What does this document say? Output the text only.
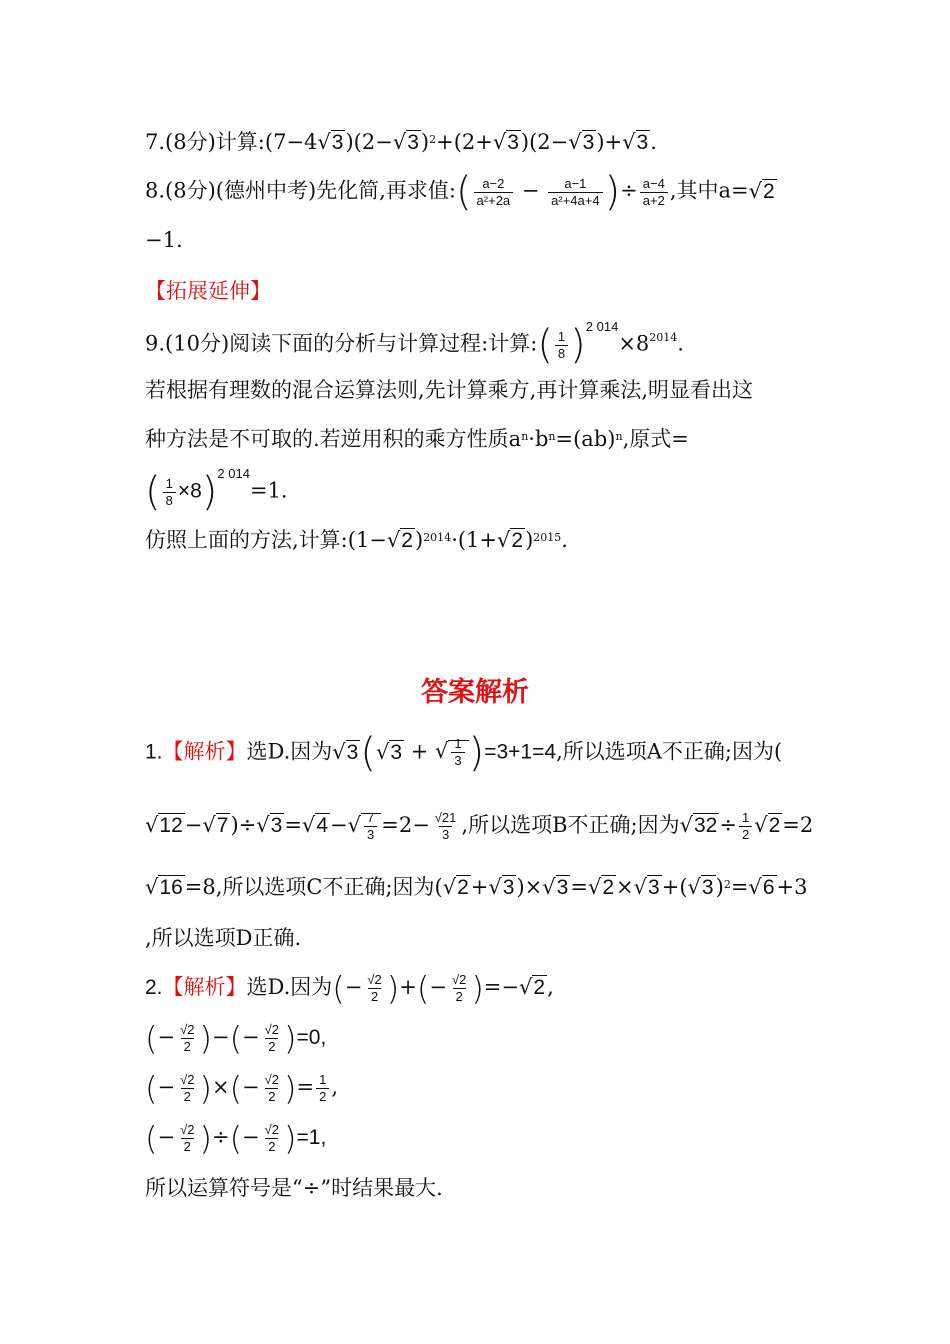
7.(8分)计算$:(7-4√3)(2-√3)^2+(2+√3)(2-√3)+√3$.
8.(8分)(德州中考)先化简,再求值:( $\frac{a-2}{\text{a²+2a}} - \frac{a-1}{\text{a²+4a+4}}$ )÷ $\frac{a-4}{a+2}$ ,其中a=√2
−1.
【拓展延伸】
9.(10分)阅读下面的分析与计算过程:计算:( $\frac{1}{8} )^{2 014}\times 8^{2014}$.
若根据有理数的混合运算法则,先计算乘方,再计算乘法,明显看出这
种方法是不可取的.若逆用积的乘方性质$a^n\cdot b^n=(ab)^n$,原式=
( $\frac{1}{8} \times 8)^{2 014}=1$.
仿照上面的方法,计算$:(1-√2)^{2014}\cdot(1+√2)^{2015}$.
答案解析
1.【解析】选D.因为√3(√3 + √ $\frac{1}{3} )=3+1=4$,所以选项A不正确;因为(
$√12-√7)\div√3=√4-√ \frac{7}{3} =2- \frac{√21}{3}$ ,所以选项B不正确;因为$√32\div \frac{1}{2} √2=2$
√16=8,所以选项C不正确;因为$(√2+√3)\times√3=√2\times√3+(√3)^2=√6+3$
,所以选项D正确.
2.【解析】选D.因为(− $\frac{√2}{2}$ )+(− $\frac{√2}{2} )=-√2$,
(− $\frac{√2}{2}$ )−(− $\frac{√2}{2} )=0$,
(− $\frac{√2}{2}$ )×(− $\frac{√2}{2}$ )= $\frac{1}{2}$ ,
(− $\frac{√2}{2}$ )÷(− $\frac{√2}{2} )=1$,
所以运算符号是“÷”时结果最大.
